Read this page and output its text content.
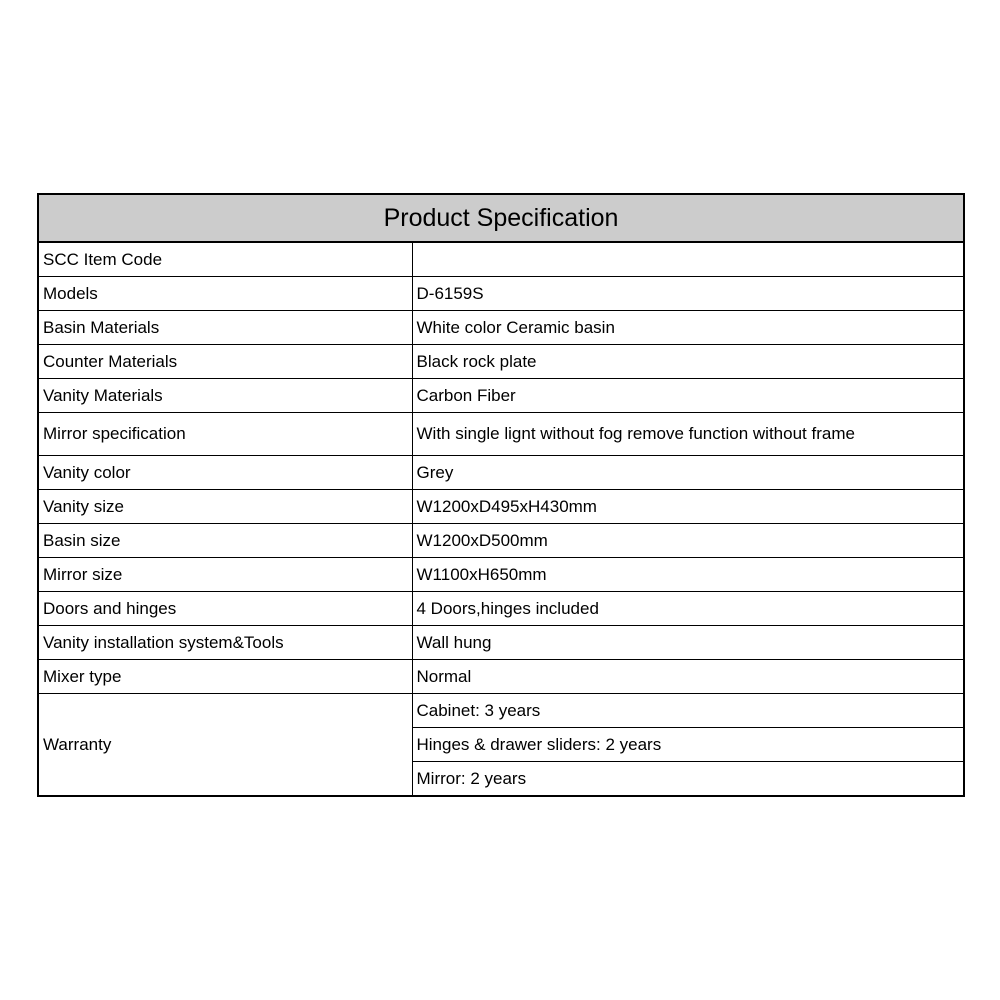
Product Specification	
SCC Item Code	
Models	D-6159S
Basin Materials	White color Ceramic basin
Counter Materials	Black rock plate
Vanity Materials	Carbon Fiber
Mirror specification	With single lignt without fog remove function without frame
Vanity color	Grey
Vanity size	W1200xD495xH430mm
Basin size	W1200xD500mm
Mirror size	W1100xH650mm
Doors and hinges	4 Doors,hinges included
Vanity installation system&Tools	Wall hung
Mixer type	Normal
Warranty	Cabinet: 3 years
	Hinges & drawer sliders: 2 years
	Mirror: 2 years
